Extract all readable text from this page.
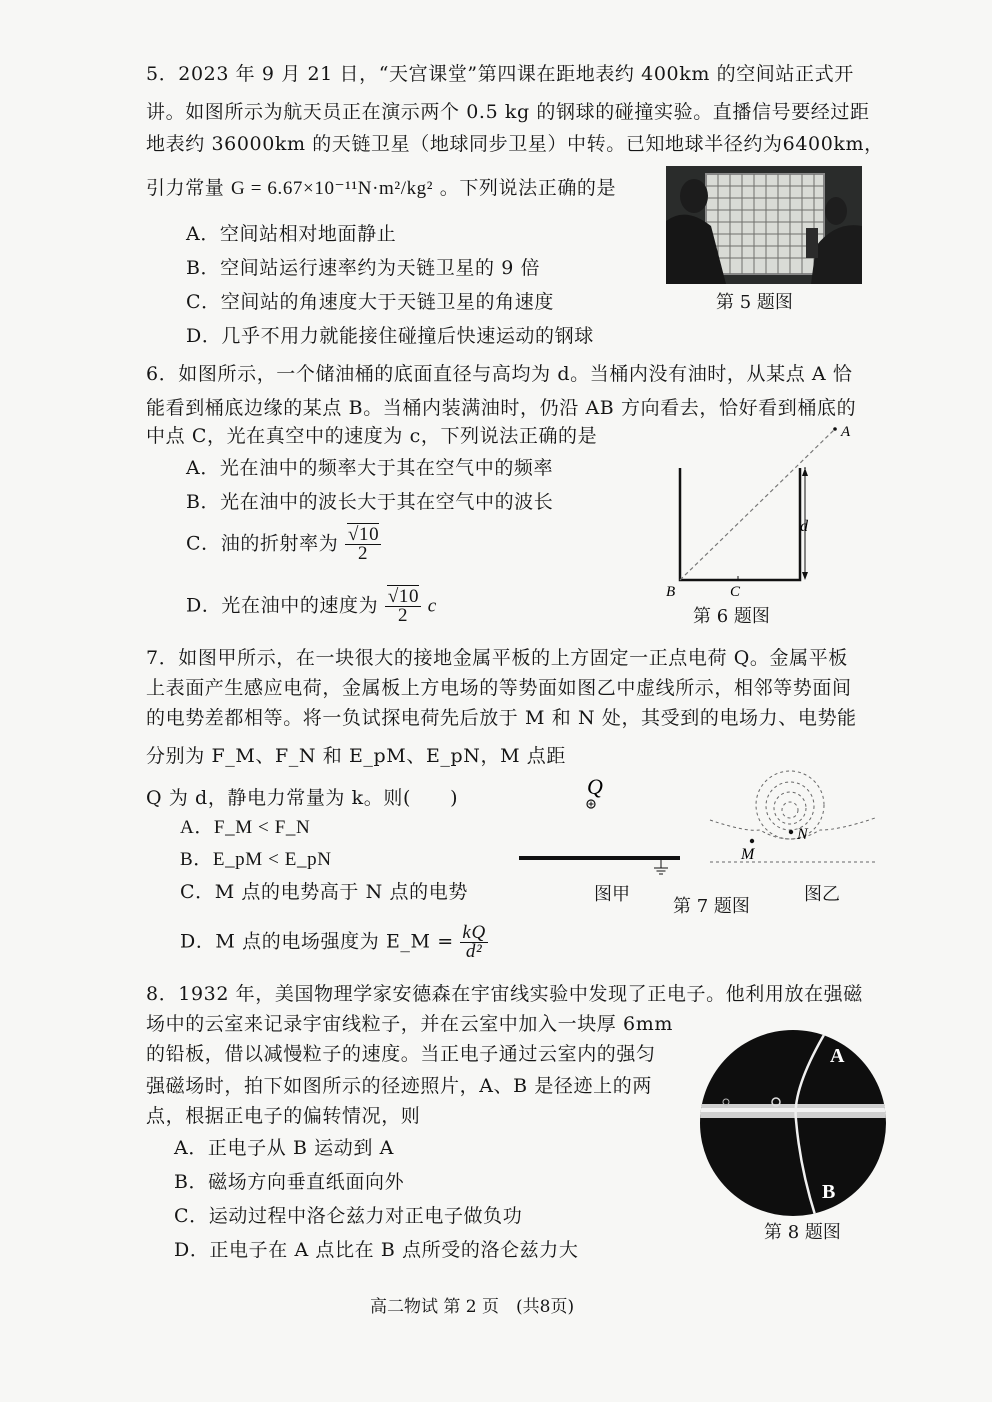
5．2023 年 9 月 21 日，“天宫课堂”第四课在距地表约 400km 的空间站正式开
讲。如图所示为航天员正在演示两个 0.5 kg 的钢球的碰撞实验。直播信号要经过距
地表约 36000km 的天链卫星（地球同步卫星）中转。已知地球半径约为6400km，
引力常量 G = 6.67×10⁻¹¹N·m²/kg² 。下列说法正确的是
A．空间站相对地面静止
B．空间站运行速率约为天链卫星的 9 倍
C．空间站的角速度大于天链卫星的角速度
D．几乎不用力就能接住碰撞后快速运动的钢球
第 5 题图
6．如图所示，一个储油桶的底面直径与高均为 d。当桶内没有油时，从某点 A 恰
能看到桶底边缘的某点 B。当桶内装满油时，仍沿 AB 方向看去，恰好看到桶底的
中点 C，光在真空中的速度为 c，下列说法正确的是
A．光在油中的频率大于其在空气中的频率
B．光在油中的波长大于其在空气中的波长
C．油的折射率为 $\frac{√10}{2}$
D．光在油中的速度为 $\frac{√10}{2}$ c
A
d
B	C
第 6 题图
7．如图甲所示，在一块很大的接地金属平板的上方固定一正点电荷 Q。金属平板
上表面产生感应电荷，金属板上方电场的等势面如图乙中虚线所示，相邻等势面间
的电势差都相等。将一负试探电荷先后放于 M 和 N 处，其受到的电场力、电势能
分别为 F_M、F_N 和 E_pM、E_pN，M 点距
Q 为 d，静电力常量为 k。则(　　)
A．F_M < F_N
B．E_pM < E_pN
C．M 点的电势高于 N 点的电势
D．M 点的电场强度为 E_M = $\frac{kQ}{\text{d²}}$
Q
图甲
第 7 题图
M
N
图乙
8．1932 年，美国物理学家安德森在宇宙线实验中发现了正电子。他利用放在强磁
场中的云室来记录宇宙线粒子，并在云室中加入一块厚 6mm
的铅板，借以减慢粒子的速度。当正电子通过云室内的强匀
强磁场时，拍下如图所示的径迹照片，A、B 是径迹上的两
点，根据正电子的偏转情况，则
A．正电子从 B 运动到 A
B．磁场方向垂直纸面向外
C．运动过程中洛仑兹力对正电子做负功
D．正电子在 A 点比在 B 点所受的洛仑兹力大
A
B
第 8 题图
高二物试 第 2 页　(共8页)
